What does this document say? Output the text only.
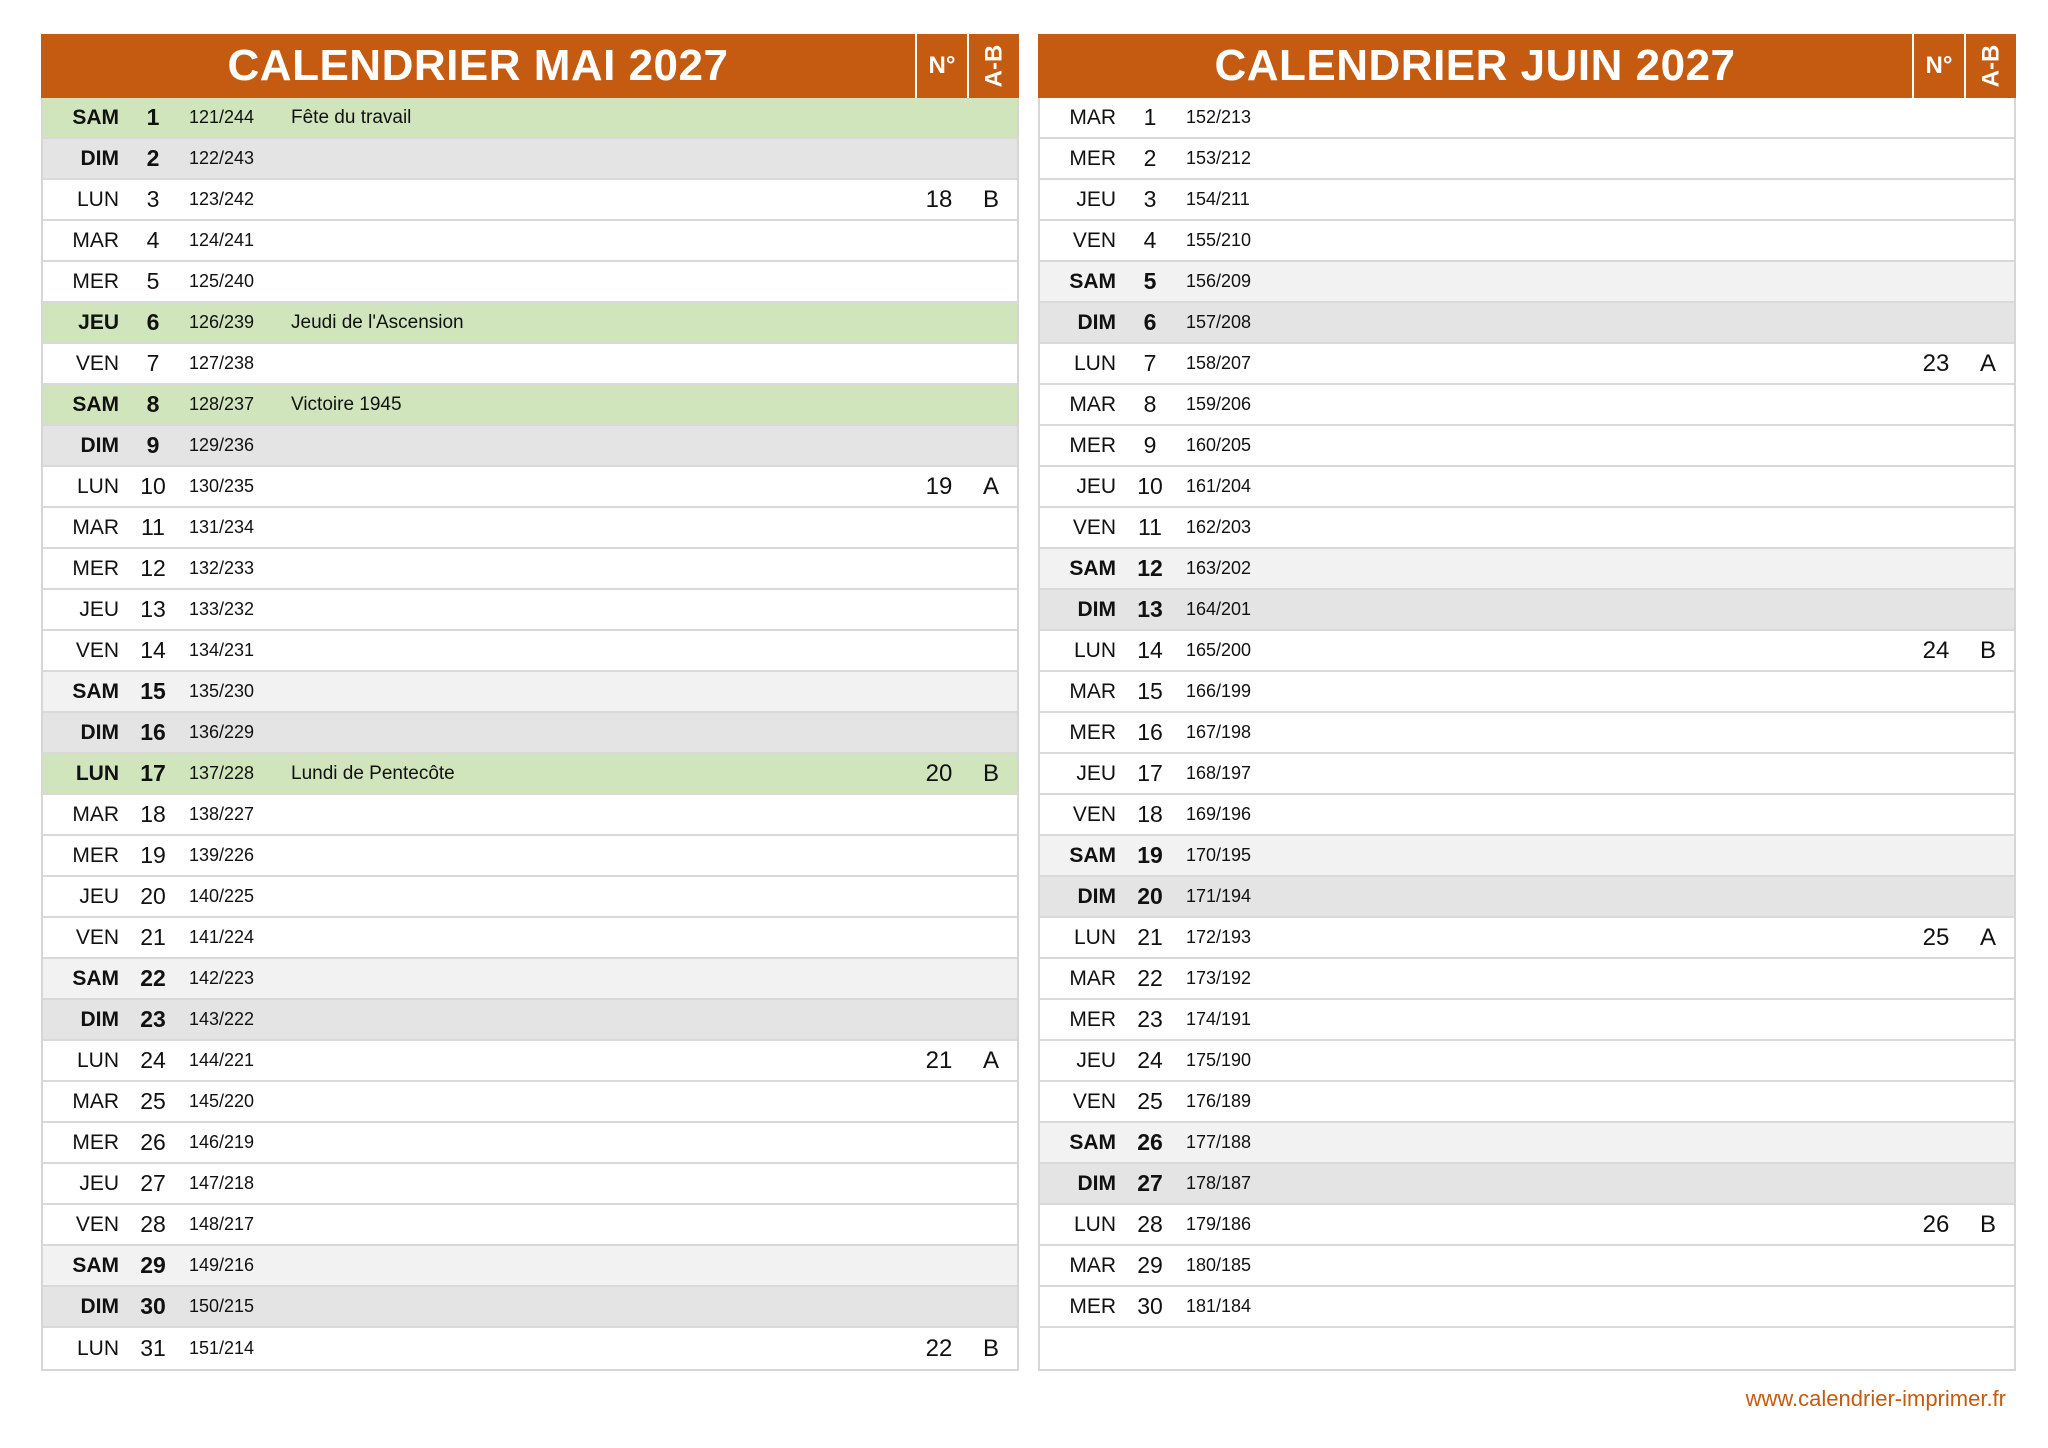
CALENDRIER MAI 2027	N°	A-B
SAM	1	121/244	Fête du travail
DIM	2	122/243
LUN	3	123/242	18	B
MAR	4	124/241
MER	5	125/240
JEU	6	126/239	Jeudi de l'Ascension
VEN	7	127/238
SAM	8	128/237	Victoire 1945
DIM	9	129/236
LUN 10	130/235	19	A
MAR 11	131/234
MER 12	132/233
JEU 13	133/232
VEN 14	134/231
SAM 15	135/230
DIM 16	136/229
LUN 17	137/228	Lundi de Pentecôte	20	B
MAR 18	138/227
MER 19	139/226
JEU 20	140/225
VEN 21	141/224
SAM 22	142/223
DIM 23	143/222
LUN 24	144/221	21	A
MAR 25	145/220
MER 26	146/219
JEU 27	147/218
VEN 28	148/217
SAM 29	149/216
DIM 30	150/215
LUN 31	151/214	22	B
CALENDRIER JUIN 2027	N°	A-B
MAR	1	152/213
MER	2	153/212
JEU	3	154/211
VEN	4	155/210
SAM	5	156/209
DIM	6	157/208
LUN	7	158/207	23	A
MAR	8	159/206
MER	9	160/205
JEU 10	161/204
VEN 11	162/203
SAM 12	163/202
DIM 13	164/201
LUN 14	165/200	24	B
MAR 15	166/199
MER 16	167/198
JEU 17	168/197
VEN 18	169/196
SAM 19	170/195
DIM 20	171/194
LUN 21	172/193	25	A
MAR 22	173/192
MER 23	174/191
JEU 24	175/190
VEN 25	176/189
SAM 26	177/188
DIM 27	178/187
LUN 28	179/186	26	B
MAR 29	180/185
MER 30	181/184
www.calendrier-imprimer.fr
